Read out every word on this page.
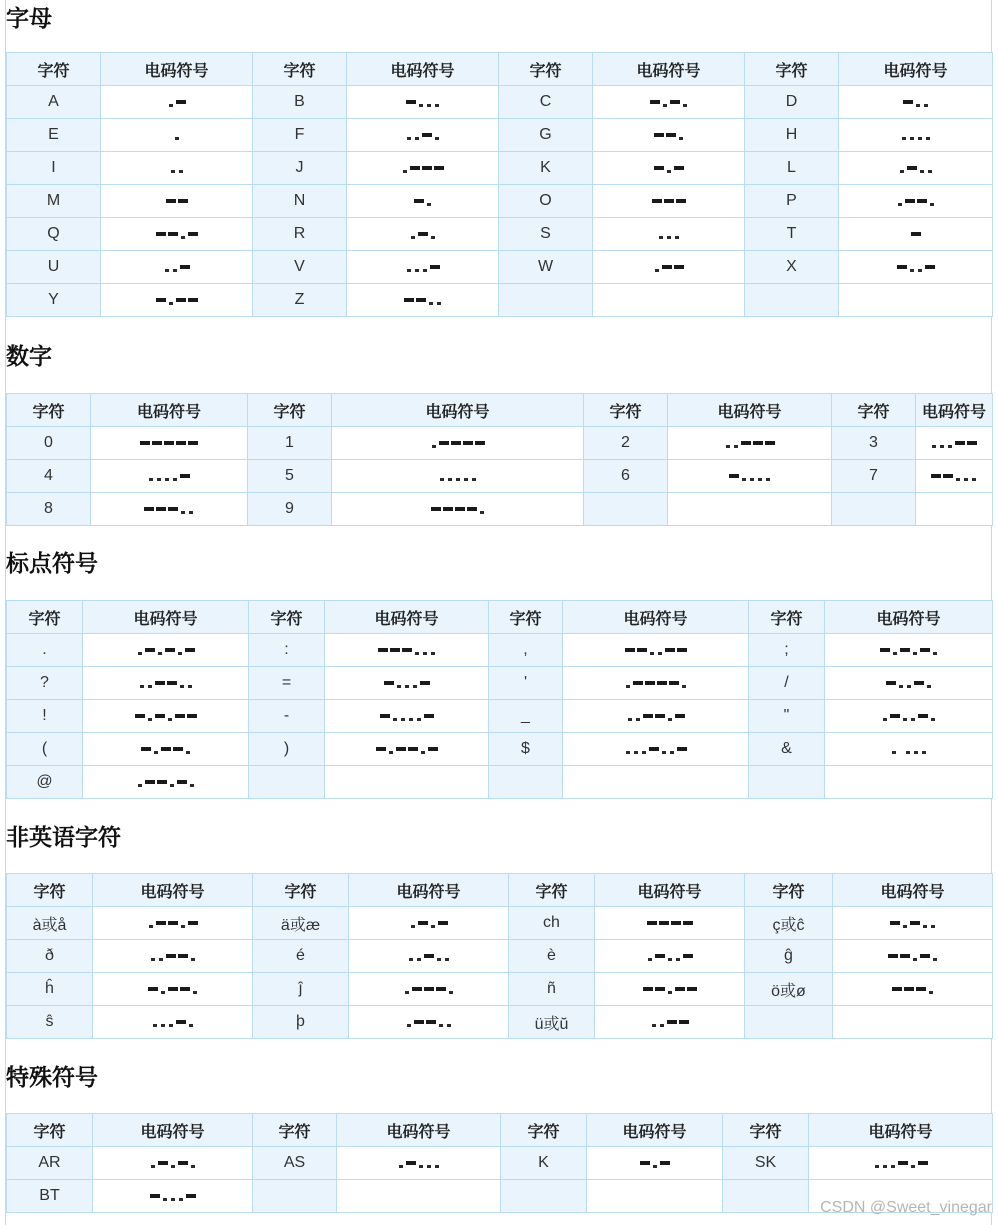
字母
字符	电码符号	字符	电码符号	字符	电码符号	字符	电码符号
A		B		C		D	
E		F		G		H	
I		J		K		L	
M		N		O		P	
Q		R		S		T	
U		V		W		X	
Y		Z					
数字
字符	电码符号	字符	电码符号	字符	电码符号	字符	电码符号
0		1		2		3	
4		5		6		7	
8		9					
标点符号
字符	电码符号	字符	电码符号	字符	电码符号	字符	电码符号
.		:		,		;	
?		=		'		/	
!		-		_		"	
(		)		$		&	
@							
非英语字符
字符	电码符号	字符	电码符号	字符	电码符号	字符	电码符号
à或å		ä或æ		ch		ç或ĉ	
ð		é		è		ĝ	
ĥ		ĵ		ñ		ö或ø	
ŝ		þ		ü或ŭ			
特殊符号
字符	电码符号	字符	电码符号	字符	电码符号	字符	电码符号
AR		AS		K		SK	
BT							
CSDN @Sweet_vinegar
